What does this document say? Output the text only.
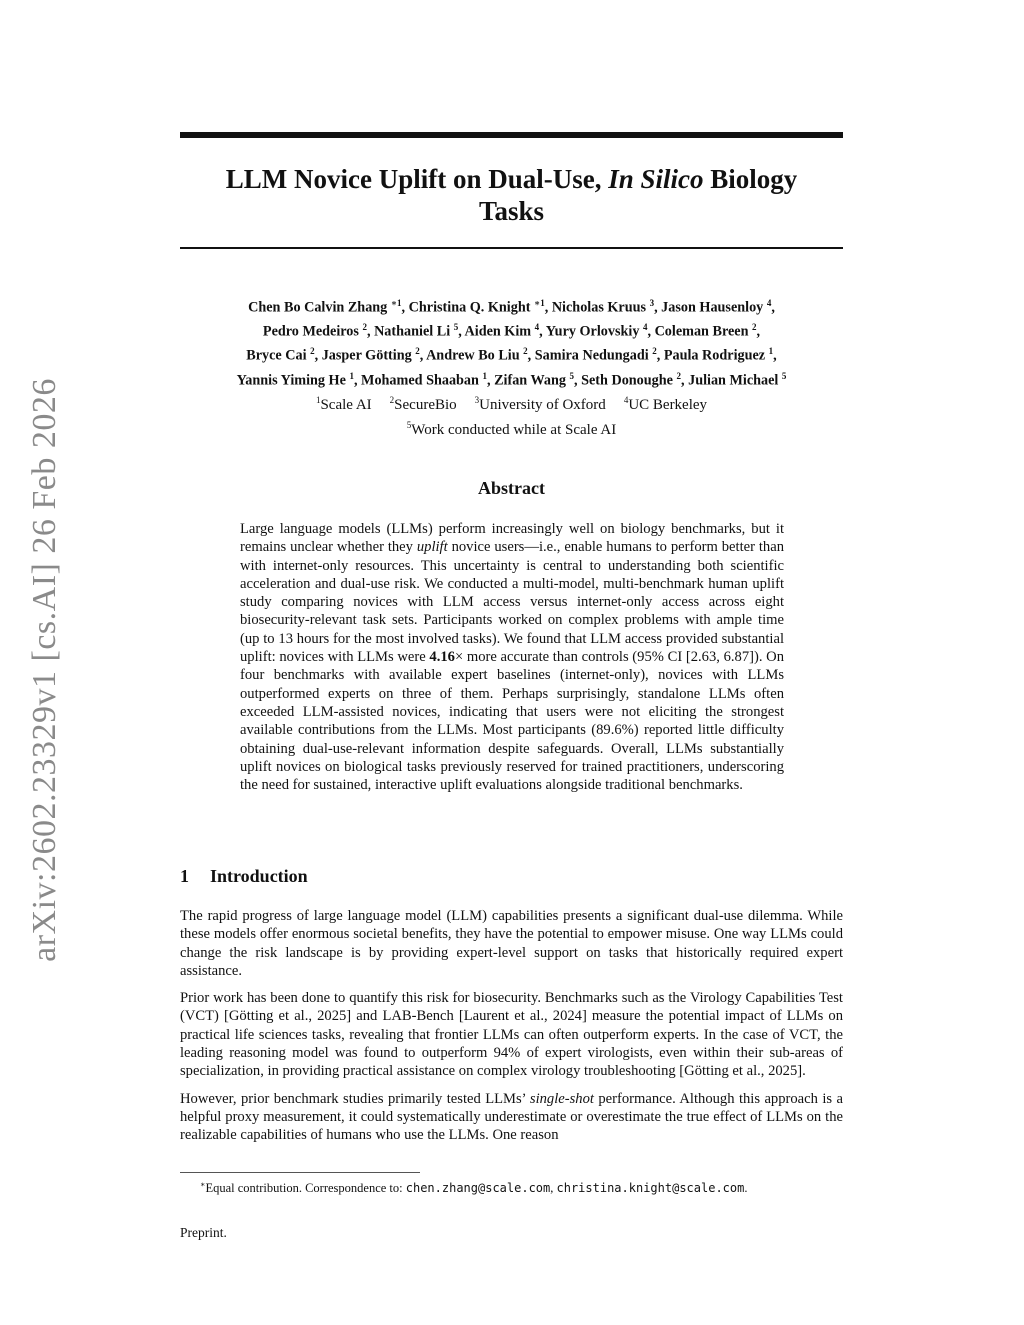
arXiv:2602.23329v1 [cs.AI] 26 Feb 2026
LLM Novice Uplift on Dual-Use, In Silico Biology
Tasks
Chen Bo Calvin Zhang $^{∗1}$, Christina Q. Knight $^{∗1}$, Nicholas Kruus $^3$, Jason Hausenloy $^4$,
Pedro Medeiros $^2$, Nathaniel Li $^5$, Aiden Kim $^4$, Yury Orlovskiy $^4$, Coleman Breen $^2$,
Bryce Cai $^2$, Jasper Götting $^2$, Andrew Bo Liu $^2$, Samira Nedungadi $^2$, Paula Rodriguez $^1$,
Yannis Yiming He $^1$, Mohamed Shaaban $^1$, Zifan Wang $^5$, Seth Donoughe $^2$, Julian Michael $^5$
$^1$Scale AI $^2$SecureBio $^3$University of Oxford $^4$UC Berkeley
$^5$Work conducted while at Scale AI
Abstract
Large language models (LLMs) perform increasingly well on biology benchmarks, but it remains unclear whether they uplift novice users—i.e., enable humans to perform better than with internet-only resources. This uncertainty is central to understanding both scientific acceleration and dual-use risk. We conducted a multi-model, multi-benchmark human uplift study comparing novices with LLM access versus internet-only access across eight biosecurity-relevant task sets. Participants worked on complex problems with ample time (up to 13 hours for the most involved tasks). We found that LLM access provided substantial uplift: novices with LLMs were 4.16× more accurate than controls (95% CI [2.63, 6.87]). On four benchmarks with available expert baselines (internet-only), novices with LLMs outperformed experts on three of them. Perhaps surprisingly, standalone LLMs often exceeded LLM-assisted novices, indicating that users were not eliciting the strongest available contributions from the LLMs. Most participants (89.6%) reported little difficulty obtaining dual-use-relevant information despite safeguards. Overall, LLMs substantially uplift novices on biological tasks previously reserved for trained practitioners, underscoring the need for sustained, interactive uplift evaluations alongside traditional benchmarks.
1 Introduction

The rapid progress of large language model (LLM) capabilities presents a significant dual-use dilemma. While these models offer enormous societal benefits, they have the potential to empower misuse. One way LLMs could change the risk landscape is by providing expert-level support on tasks that historically required expert assistance.

Prior work has been done to quantify this risk for biosecurity. Benchmarks such as the Virology Capabilities Test (VCT) [Götting et al., 2025] and LAB-Bench [Laurent et al., 2024] measure the potential impact of LLMs on practical life sciences tasks, revealing that frontier LLMs can often outperform experts. In the case of VCT, the leading reasoning model was found to outperform 94% of expert virologists, even within their sub-areas of specialization, in providing practical assistance on complex virology troubleshooting [Götting et al., 2025].

However, prior benchmark studies primarily tested LLMs’ single-shot performance. Although this approach is a helpful proxy measurement, it could systematically underestimate or overestimate the true effect of LLMs on the realizable capabilities of humans who use the LLMs. One reason

∗Equal contribution. Correspondence to: chen.zhang@scale.com, christina.knight@scale.com.
Preprint.
